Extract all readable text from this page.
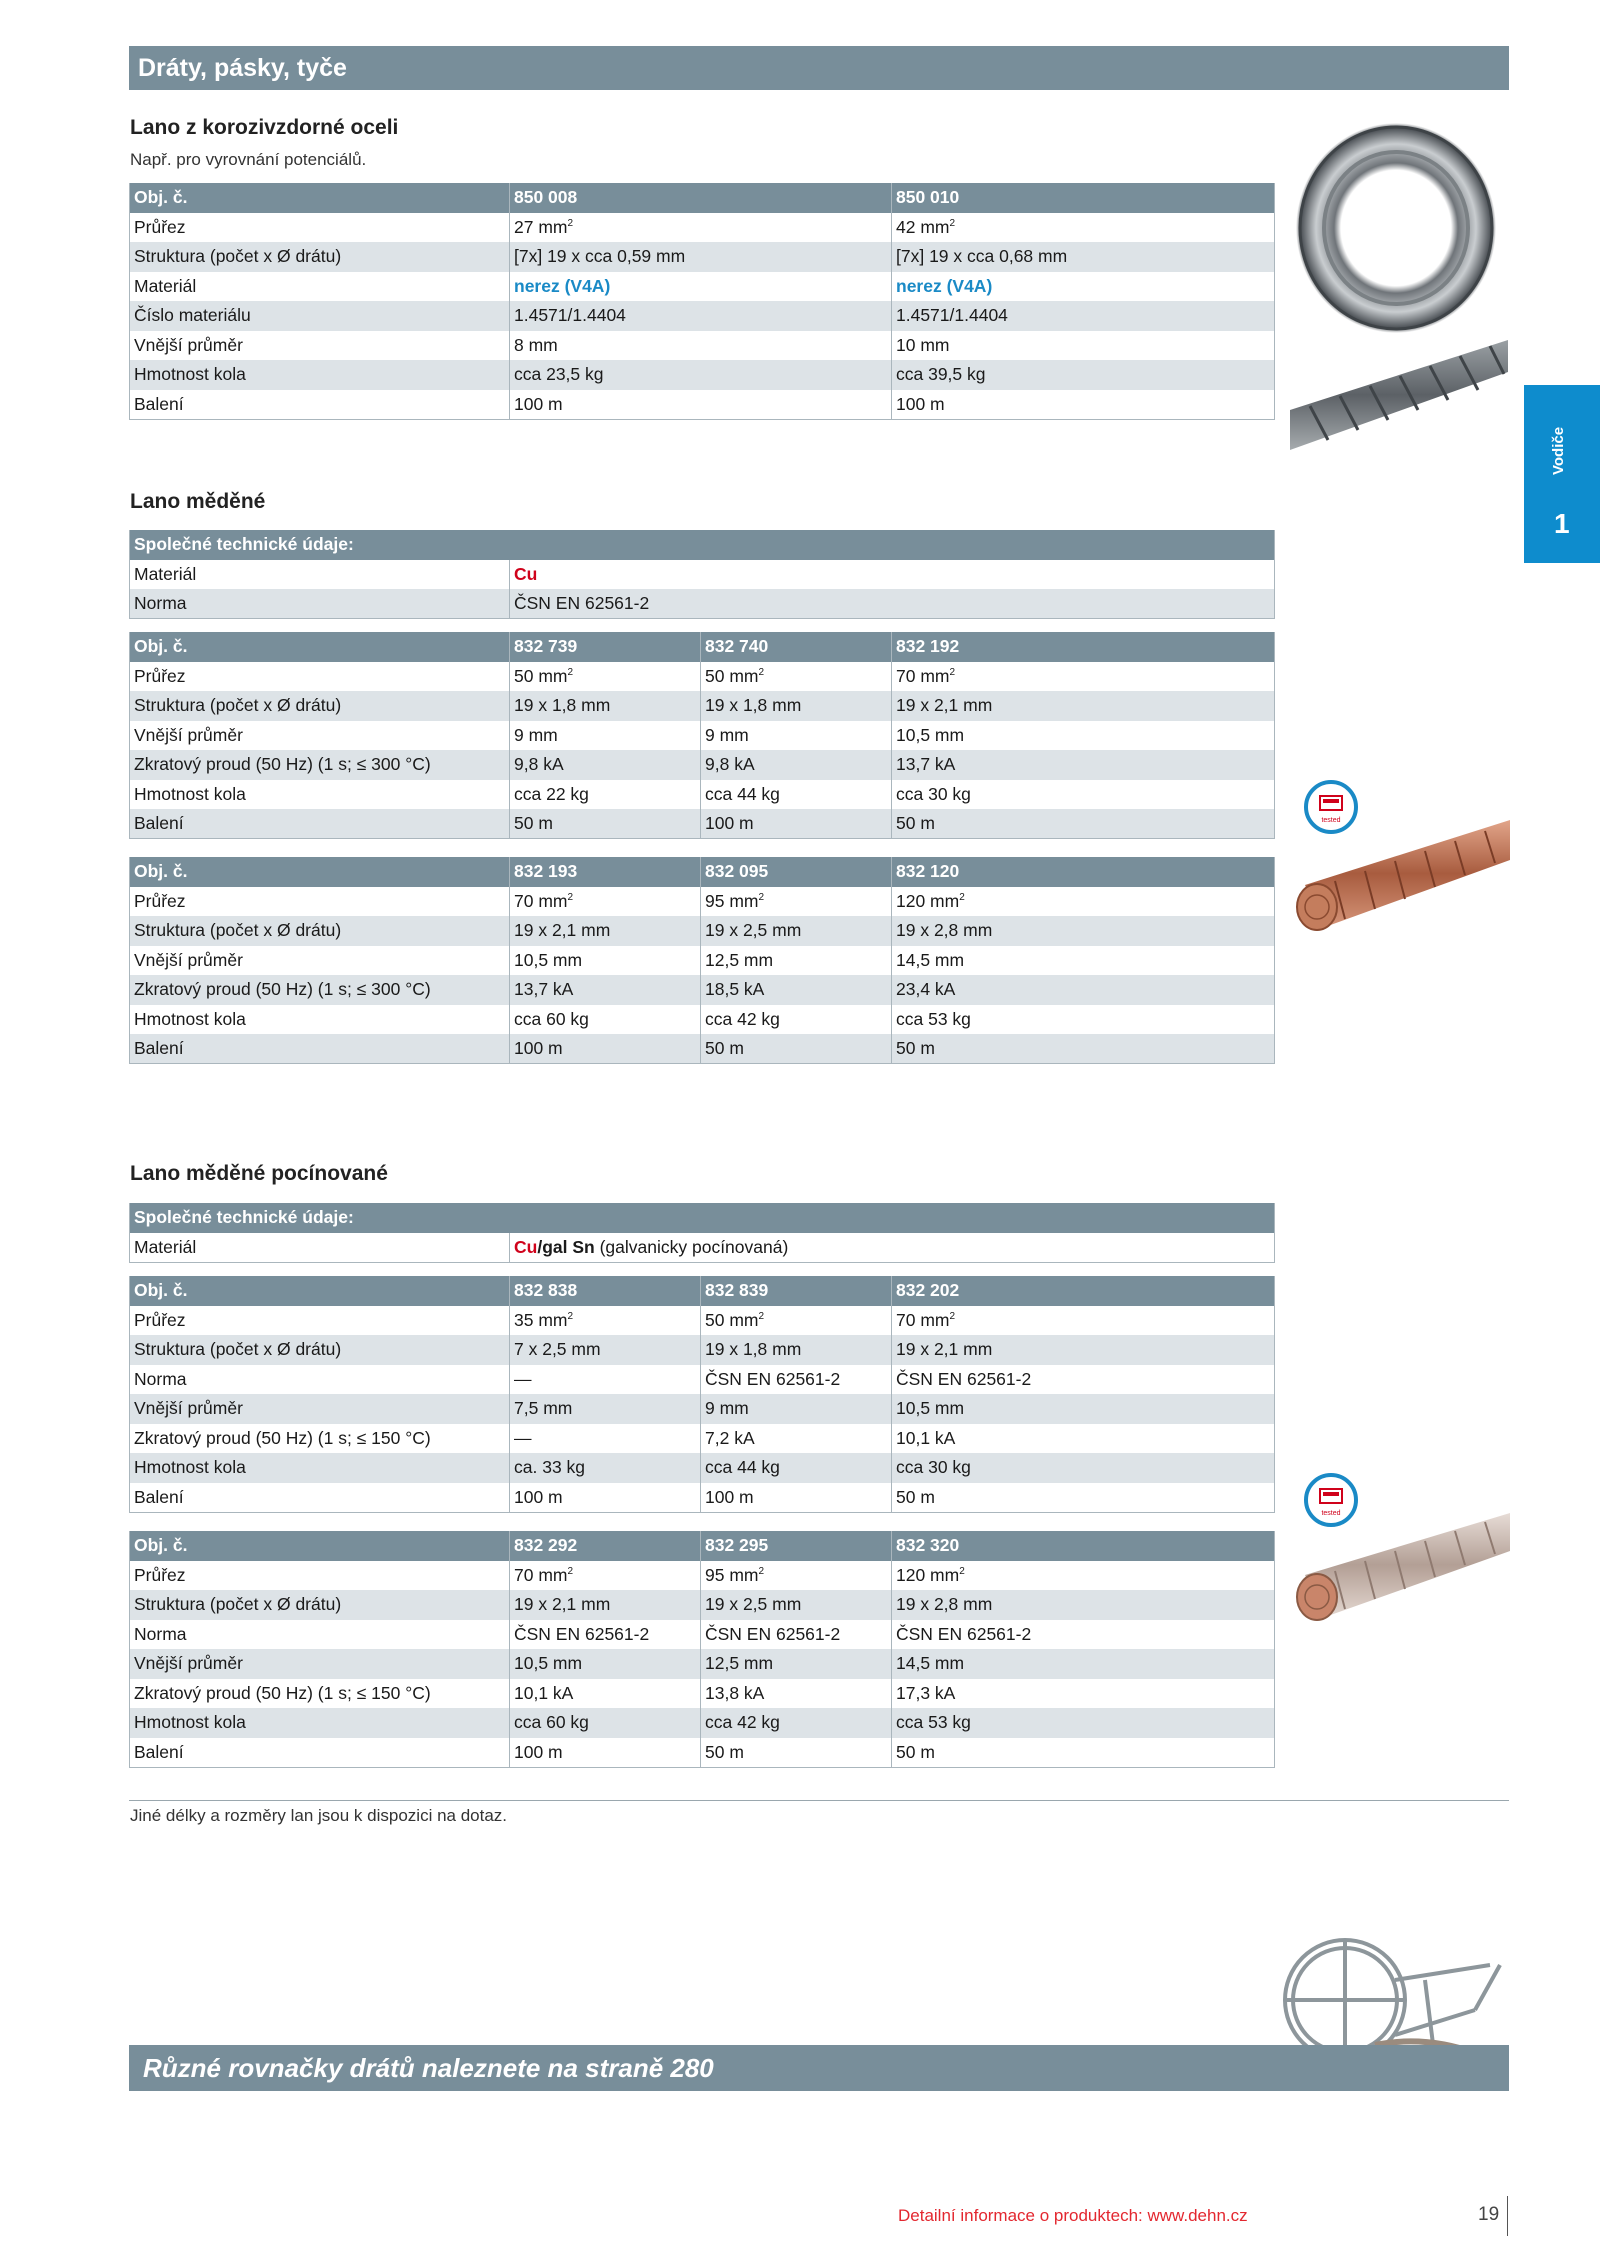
Dráty, pásky, tyče
Vodiče
1
Lano z korozivzdorné oceli
Např. pro vyrovnání potenciálů.
Obj. č.	850 008	850 010
Průřez	27 $mm^2$	42 $mm^2$
Struktura (počet x Ø drátu)	[7x] 19 x cca 0,59 mm	[7x] 19 x cca 0,68 mm
Materiál	nerez (V4A)	nerez (V4A)
Číslo materiálu	1.4571/1.4404	1.4571/1.4404
Vnější průměr	8 mm	10 mm
Hmotnost kola	cca 23,5 kg	cca 39,5 kg
Balení	100 m	100 m
Lano měděné
Společné technické údaje:	
Materiál	Cu
Norma	ČSN EN 62561-2
Obj. č.	832 739	832 740	832 192
Průřez	50 $mm^2$	50 $mm^2$	70 $mm^2$
Struktura (počet x Ø drátu)	19 x 1,8 mm	19 x 1,8 mm	19 x 2,1 mm
Vnější průměr	9 mm	9 mm	10,5 mm
Zkratový proud (50 Hz) (1 s; ≤ 300 °C)	9,8 kA	9,8 kA	13,7 kA
Hmotnost kola	cca 22 kg	cca 44 kg	cca 30 kg
Balení	50 m	100 m	50 m
Obj. č.	832 193	832 095	832 120
Průřez	70 $mm^2$	95 $mm^2$	120 $mm^2$
Struktura (počet x Ø drátu)	19 x 2,1 mm	19 x 2,5 mm	19 x 2,8 mm
Vnější průměr	10,5 mm	12,5 mm	14,5 mm
Zkratový proud (50 Hz) (1 s; ≤ 300 °C)	13,7 kA	18,5 kA	23,4 kA
Hmotnost kola	cca 60 kg	cca 42 kg	cca 53 kg
Balení	100 m	50 m	50 m
tested
Lano měděné pocínované
Společné technické údaje:
Materiál	Cu/gal Sn (galvanicky pocínovaná)
Obj. č.	832 838	832 839	832 202
Průřez	35 $mm^2$	50 $mm^2$	70 $mm^2$
Struktura (počet x Ø drátu)	7 x 2,5 mm	19 x 1,8 mm	19 x 2,1 mm
Norma	—	ČSN EN 62561-2	ČSN EN 62561-2
Vnější průměr	7,5 mm	9 mm	10,5 mm
Zkratový proud (50 Hz) (1 s; ≤ 150 °C)	—	7,2 kA	10,1 kA
Hmotnost kola	ca. 33 kg	cca 44 kg	cca 30 kg
Balení	100 m	100 m	50 m
Obj. č.	832 292	832 295	832 320
Průřez	70 $mm^2$	95 $mm^2$	120 $mm^2$
Struktura (počet x Ø drátu)	19 x 2,1 mm	19 x 2,5 mm	19 x 2,8 mm
Norma	ČSN EN 62561-2	ČSN EN 62561-2	ČSN EN 62561-2
Vnější průměr	10,5 mm	12,5 mm	14,5 mm
Zkratový proud (50 Hz) (1 s; ≤ 150 °C)	10,1 kA	13,8 kA	17,3 kA
Hmotnost kola	cca 60 kg	cca 42 kg	cca 53 kg
Balení	100 m	50 m	50 m
tested
Jiné délky a rozměry lan jsou k dispozici na dotaz.
Různé rovnačky drátů naleznete na straně 280
Detailní informace o produktech: www.dehn.cz	19
